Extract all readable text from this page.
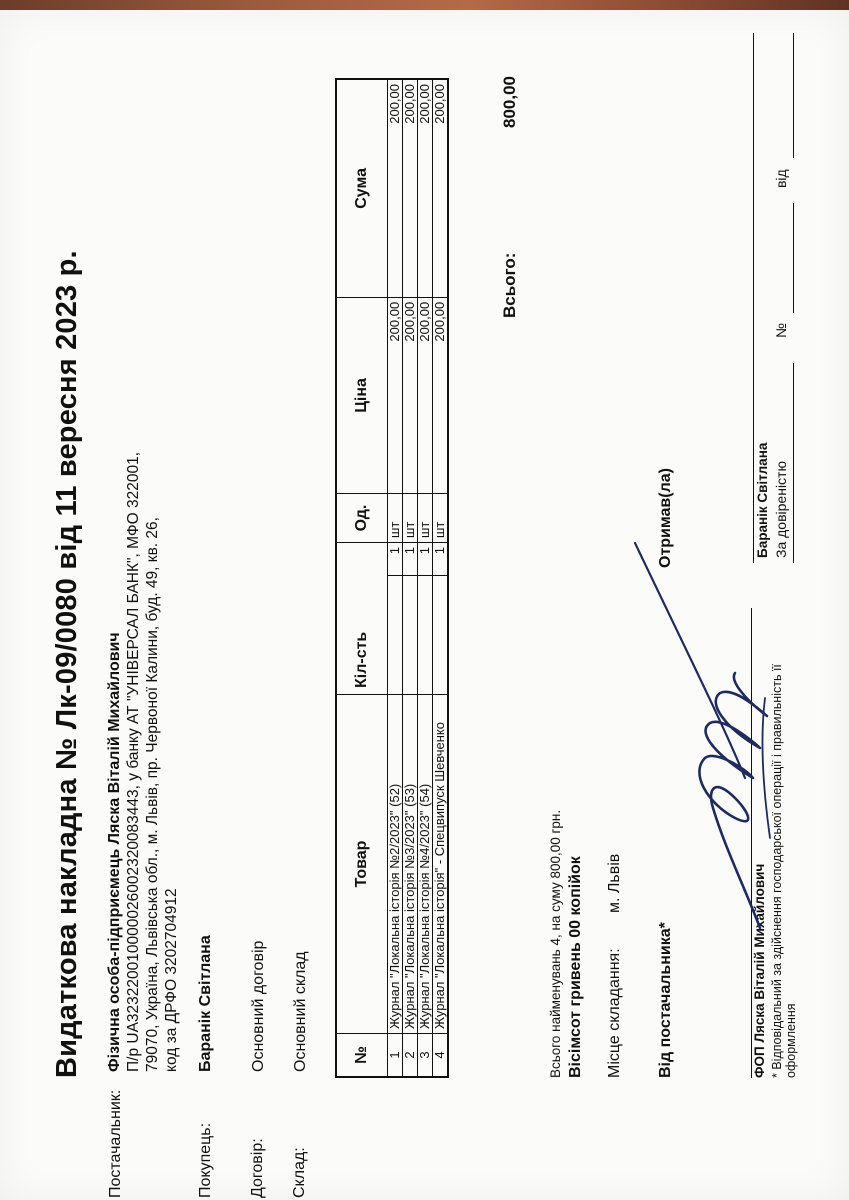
Видаткова накладна № Лк-09/0080 від 11 вересня 2023 р.
Постачальник:
Фізична особа-підприємець Ляска Віталій Михайлович П/р UA323220010000026002320083443, у банку АТ "УНІВЕРСАЛ БАНК", МФО 322001, 79070, Україна, Львівська обл., м. Львів, пр. Червоної Калини, буд. 49, кв. 26, код за ДРФО 3202704912
Покупець:
Баранік Світлана
Договір:
Основний договір
Склад:
Основний склад	№	Товар	Кіл-сть		Од.	Ціна	Сума
1	Журнал "Локальна історія №2/2023" (52)		1	шт	200,00	200,00
2	Журнал "Локальна історія №3/2023" (53)		1	шт	200,00	200,00
3	Журнал "Локальна історія №4/2023" (54)		1	шт	200,00	200,00
4	Журнал "Локальна історія" - Спецвипуск Шевченко		1	шт	200,00	200,00
Всього:
800,00
Всього найменувань 4, на суму 800,00 грн. Вісімсот гривень 00 копійок Місце складання:
м. Львів
Від постачальника*
Отримав(ла)
ФОП Ляска Віталій Михайлович * Відповідальний за здійснення господарської операції і правильність її оформлення
Баранік Світлана За довіреністю
№
від
